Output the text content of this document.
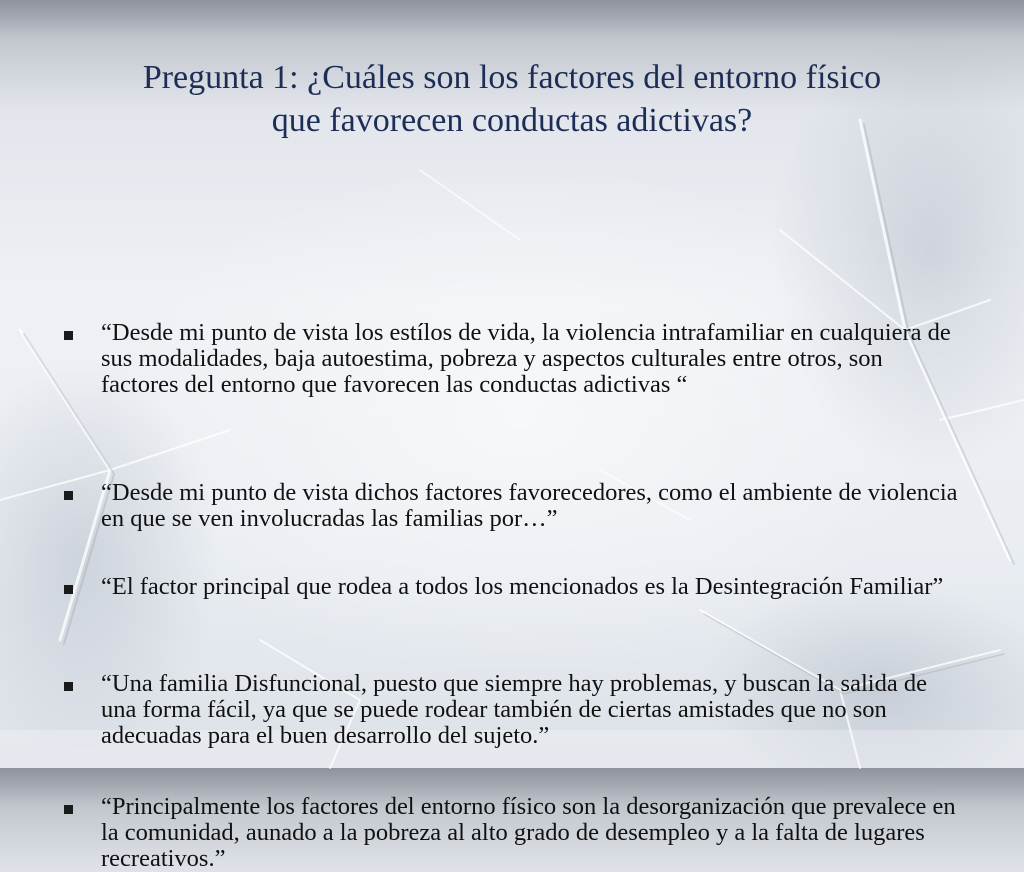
Pregunta 1: ¿Cuáles son los factores del entorno físico
que favorecen conductas adictivas?
“Desde mi punto de vista los estílos de vida, la violencia intrafamiliar en cualquiera de sus modalidades, baja autoestima, pobreza y aspectos culturales entre otros, son factores del entorno que favorecen las conductas adictivas “
“Desde mi punto de vista dichos factores favorecedores, como el ambiente de violencia en que se ven involucradas las familias por…”
“El factor principal que rodea a todos los mencionados es la Desintegración Familiar”
“Una familia Disfuncional, puesto que siempre hay problemas, y buscan la salida de una forma fácil, ya que se puede rodear también de ciertas amistades que no son adecuadas para el buen desarrollo del sujeto.”
“Principalmente los factores del entorno físico son la desorganización que prevalece en la comunidad, aunado a la pobreza al alto grado de desempleo y a la falta de lugares recreativos.”
